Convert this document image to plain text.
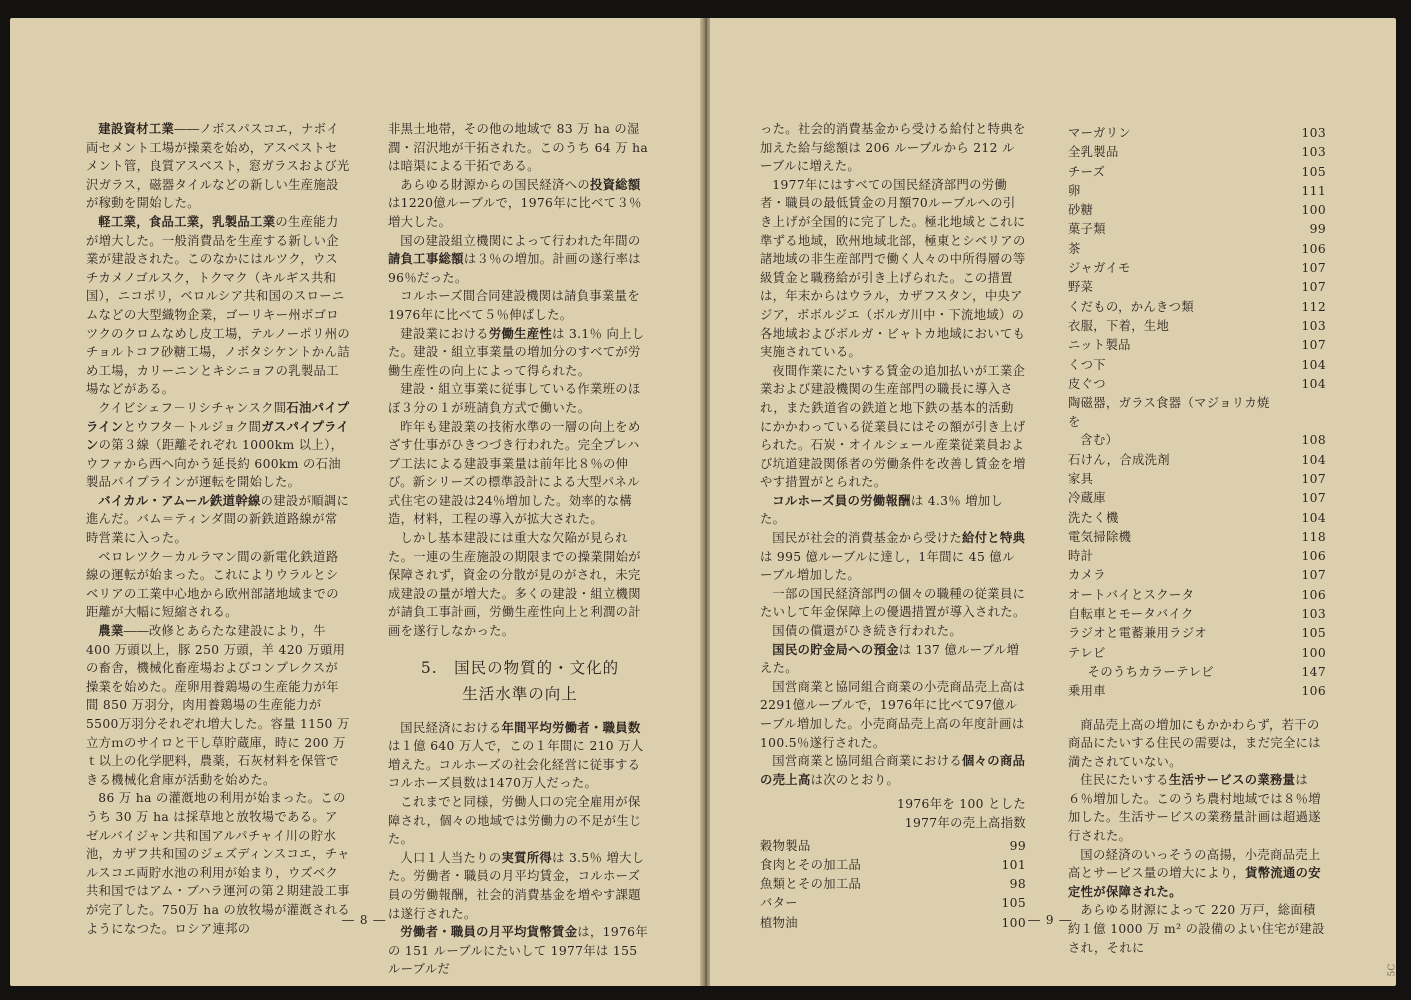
建設資材工業――ノボスパスコエ，ナボイ両セメント工場が操業を始め，アスベストセメント管，良質アスベスト，窓ガラスおよび光沢ガラス，磁器タイルなどの新しい生産施設が稼動を開始した。

軽工業，食品工業，乳製品工業の生産能力が増大した。一般消費品を生産する新しい企業が建設された。このなかにはルツク，ウスチカメノゴルスク，トクマク（キルギス共和国），ニコポリ，ベロルシア共和国のスローニムなどの大型織物企業，ゴーリキー州ボゴロツクのクロムなめし皮工場，テルノーポリ州のチョルトコフ砂糖工場，ノボタシケントかん詰め工場，カリーニンとキシニョフの乳製品工場などがある。

クイビシェフ－リシチャンスク間石油パイプラインとウフタ－トルジョク間ガスパイプラインの第３線（距離それぞれ 1000km 以上），ウファから西へ向かう延長約 600km の石油製品パイプラインが運転を開始した。

バイカル・アムール鉄道幹線の建設が順調に進んだ。バム＝ティンダ間の新鉄道路線が常時営業に入った。

ベロレツク－カルラマン間の新電化鉄道路線の運転が始まった。これによりウラルとシベリアの工業中心地から欧州部諸地域までの距離が大幅に短縮される。

農業――改修とあらたな建設により，牛 400 万頭以上，豚 250 万頭，羊 420 万頭用の畜舎，機械化畜産場およびコンプレクスが操業を始めた。産卵用養鶏場の生産能力が年間 850 万羽分，肉用養鶏場の生産能力が5500万羽分それぞれ増大した。容量 1150 万立方ｍのサイロと干し草貯蔵庫，時に 200 万ｔ以上の化学肥料，農薬，石灰材料を保管できる機械化倉庫が活動を始めた。

86 万 ha の灌漑地の利用が始まった。このうち 30 万 ha は採草地と放牧場である。アゼルバイジャン共和国アルパチャイ川の貯水池，カザフ共和国のジェズディンスコエ，チャルスコエ両貯水池の利用が始まり，ウズベク共和国ではアム・ブハラ運河の第２期建設工事が完了した。750万 ha の放牧場が灌漑されるようになつた。ロシア連邦の

非黒土地帯，その他の地域で 83 万 ha の湿潤・沼沢地が干拓された。このうち 64 万 ha は暗渠による干拓である。

あらゆる財源からの国民経済への投資総額は1220億ルーブルで，1976年に比べて３％増大した。

国の建設組立機関によって行われた年間の請負工事総額は３％の増加。計画の遂行率は96％だった。

コルホーズ間合同建設機関は請負事業量を1976年に比べて５％伸ばした。

建設業における労働生産性は 3.1％ 向上した。建設・組立事業量の増加分のすべてが労働生産性の向上によって得られた。

建設・組立事業に従事している作業班のほぼ３分の１が班請負方式で働いた。

昨年も建設業の技術水準の一層の向上をめざす仕事がひきつづき行われた。完全プレハブ工法による建設事業量は前年比８％の伸び。新シリーズの標準設計による大型パネル式住宅の建設は24％増加した。効率的な構造，材料，工程の導入が拡大された。

しかし基本建設には重大な欠陥が見られた。一連の生産施設の期限までの操業開始が保障されず，資金の分散が見のがされ，未完成建設の量が増大た。多くの建設・組立機関が請負工事計画，労働生産性向上と利潤の計画を遂行しなかった。

5.　国民の物質的・文化的
生活水準の向上

国民経済における年間平均労働者・職員数は１億 640 万人で，この１年間に 210 万人増えた。コルホーズの社会化経営に従事するコルホーズ員数は1470万人だった。

これまでと同様，労働人口の完全雇用が保障され，個々の地域では労働力の不足が生じた。

人口１人当たりの実質所得は 3.5％ 増大した。労働者・職員の月平均賃金，コルホーズ員の労働報酬，社会的消費基金を増やす課題は遂行された。

労働者・職員の月平均貨幣賃金は，1976年の 151 ルーブルにたいして 1977年は 155 ルーブルだ

― 8 ―

った。社会的消費基金から受ける給付と特典を加えた給与総額は 206 ルーブルから 212 ルーブルに増えた。

1977年にはすべての国民経済部門の労働者・職員の最低賃金の月額70ルーブルへの引き上げが全国的に完了した。極北地域とこれに準ずる地域，欧州地域北部，極東とシベリアの諸地域の非生産部門で働く人々の中所得層の等級賃金と職務給が引き上げられた。この措置は，年末からはウラル，カザフスタン，中央アジア，ボボルジエ（ボルガ川中・下流地域）の各地域およびボルガ・ビャトカ地域においても実施されている。

夜間作業にたいする賃金の追加払いが工業企業および建設機関の生産部門の職長に導入され，また鉄道省の鉄道と地下鉄の基本的活動にかかわっている従業員にはその額が引き上げられた。石炭・オイルシェール産業従業員および坑道建設関係者の労働条件を改善し賃金を増やす措置がとられた。

コルホーズ員の労働報酬は 4.3％ 増加した。

国民が社会的消費基金から受けた給付と特典は 995 億ルーブルに達し，1年間に 45 億ルーブル増加した。

一部の国民経済部門の個々の職種の従業員にたいして年金保障上の優遇措置が導入された。

国債の償還がひき続き行われた。

国民の貯金局への預金は 137 億ルーブル増えた。

国営商業と協同組合商業の小売商品売上高は 2291億ルーブルで，1976年に比べて97億ルーブル増加した。小売商品売上高の年度計画は 100.5％遂行された。

国営商業と協同組合商業における個々の商品の売上高は次のとおり。

1976年を 100 とした
1977年の売上高指数
穀物製品	99
食肉とその加工品	101
魚類とその加工品	98
バター	105
植物油	100
マーガリン	103
全乳製品	103
チーズ	105
卵	111
砂糖	100
菓子類	99
茶	106
ジャガイモ	107
野菜	107
くだもの，かんきつ類	112
衣服，下着，生地	103
ニット製品	107
くつ下	104
皮ぐつ	104
陶磁器，ガラス食器（マジョリカ焼を	
含む）	108
石けん，合成洗剤	104
家具	107
冷蔵庫	107
洗たく機	104
電気掃除機	118
時計	106
カメラ	107
オートバイとスクータ	106
自転車とモータバイク	103
ラジオと電蓄兼用ラジオ	105
テレビ	100
そのうちカラーテレビ	147
乗用車	106

商品売上高の増加にもかかわらず，若干の商品にたいする住民の需要は，まだ完全には満たされていない。

住民にたいする生活サービスの業務量は６％増加した。このうち農村地域では８％増加した。生活サービスの業務量計画は超過遂行された。

国の経済のいっそうの高揚，小売商品売上高とサービス量の増大により，貨幣流通の安定性が保障された。

あらゆる財源によって 220 万戸，総面積約１億 1000 万 m² の設備のよい住宅が建設され，それに

― 9 ―
5C
